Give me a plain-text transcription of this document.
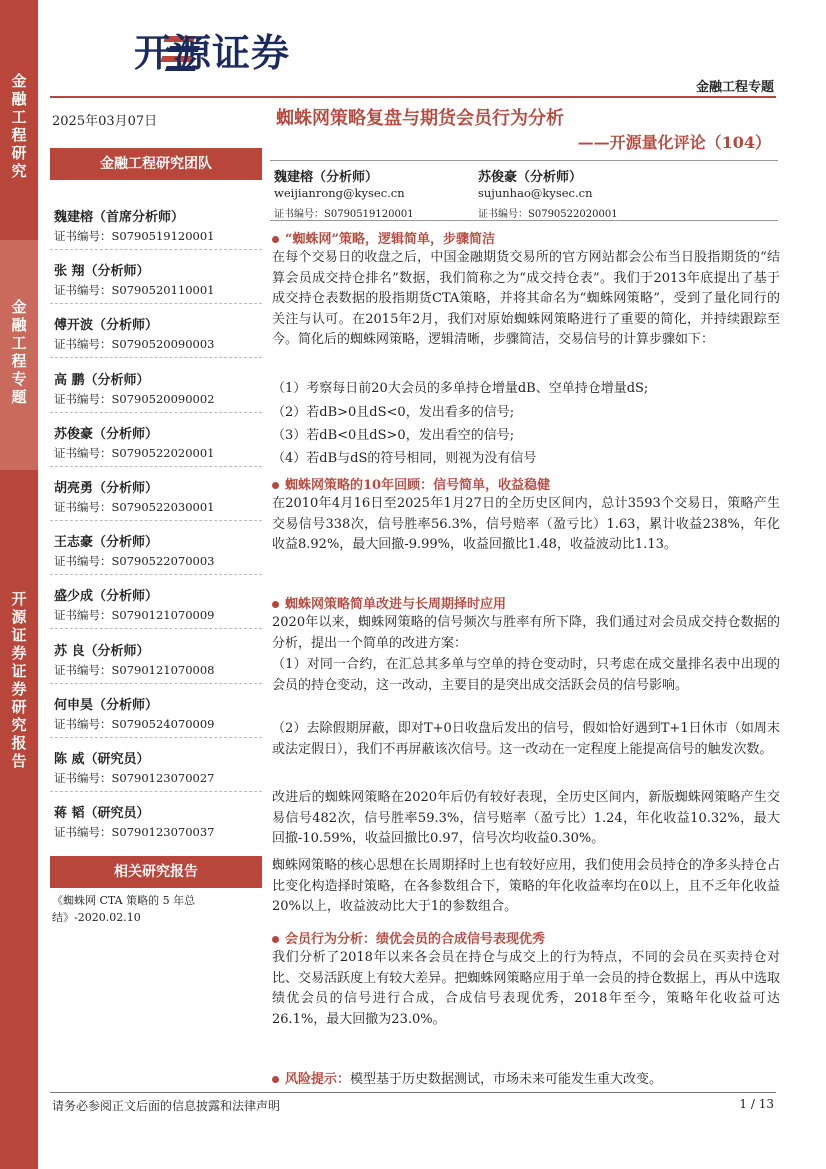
金融工程研究
金融工程专题
开源证券 证券研究报告
开源证券
金融工程专题
2025年03月07日
金融工程研究团队
魏建榕（首席分析师）
证书编号：S0790519120001
张 翔（分析师）
证书编号：S0790520110001
傅开波（分析师）
证书编号：S0790520090003
高 鹏（分析师）
证书编号：S0790520090002
苏俊豪（分析师）
证书编号：S0790522020001
胡亮勇（分析师）
证书编号：S0790522030001
王志豪（分析师）
证书编号：S0790522070003
盛少成（分析师）
证书编号：S0790121070009
苏 良（分析师）
证书编号：S0790121070008
何申昊（分析师）
证书编号：S0790524070009
陈 威（研究员）
证书编号：S0790123070027
蒋 韬（研究员）
证书编号：S0790123070037
相关研究报告
《蜘蛛网 CTA 策略的 5 年总结》-2020.02.10
蜘蛛网策略复盘与期货会员行为分析
——开源量化评论（104）
魏建榕（分析师）
weijianrong@kysec.cn
证书编号：S0790519120001
苏俊豪（分析师）
sujunhao@kysec.cn
证书编号：S0790522020001
“蜘蛛网”策略，逻辑简单，步骤简洁
在每个交易日的收盘之后，中国金融期货交易所的官方网站都会公布当日股指期货的“结算会员成交持仓排名”数据，我们简称之为“成交持仓表”。我们于2013年底提出了基于成交持仓表数据的股指期货CTA策略，并将其命名为“蜘蛛网策略”，受到了量化同行的关注与认可。在2015年2月，我们对原始蜘蛛网策略进行了重要的简化，并持续跟踪至今。简化后的蜘蛛网策略，逻辑清晰，步骤简洁，交易信号的计算步骤如下：
（1）考察每日前20大会员的多单持仓增量dB、空单持仓增量dS;
（2）若dB>0且dS<0，发出看多的信号;
（3）若dB<0且dS>0，发出看空的信号;
（4）若dB与dS的符号相同，则视为没有信号
蜘蛛网策略的10年回顾：信号简单，收益稳健
在2010年4月16日至2025年1月27日的全历史区间内，总计3593个交易日，策略产生交易信号338次，信号胜率56.3%，信号赔率（盈亏比）1.63，累计收益238%，年化收益8.92%，最大回撤-9.99%，收益回撤比1.48，收益波动比1.13。
蜘蛛网策略简单改进与长周期择时应用
2020年以来，蜘蛛网策略的信号频次与胜率有所下降，我们通过对会员成交持仓数据的分析，提出一个简单的改进方案：
（1）对同一合约，在汇总其多单与空单的持仓变动时，只考虑在成交量排名表中出现的会员的持仓变动，这一改动，主要目的是突出成交活跃会员的信号影响。
（2）去除假期屏蔽，即对T+0日收盘后发出的信号，假如恰好遇到T+1日休市（如周末或法定假日），我们不再屏蔽该次信号。这一改动在一定程度上能提高信号的触发次数。
改进后的蜘蛛网策略在2020年后仍有较好表现，全历史区间内，新版蜘蛛网策略产生交易信号482次，信号胜率59.3%，信号赔率（盈亏比）1.24，年化收益10.32%，最大回撤-10.59%，收益回撤比0.97，信号次均收益0.30%。
蜘蛛网策略的核心思想在长周期择时上也有较好应用，我们使用会员持仓的净多头持仓占比变化构造择时策略，在各参数组合下，策略的年化收益率均在0以上，且不乏年化收益20%以上，收益波动比大于1的参数组合。
会员行为分析：绩优会员的合成信号表现优秀
我们分析了2018年以来各会员在持仓与成交上的行为特点，不同的会员在买卖持仓对比、交易活跃度上有较大差异。把蜘蛛网策略应用于单一会员的持仓数据上，再从中选取绩优会员的信号进行合成，合成信号表现优秀，2018年至今，策略年化收益可达26.1%，最大回撤为23.0%。
风险提示：模型基于历史数据测试，市场未来可能发生重大改变。
请务必参阅正文后面的信息披露和法律声明	1 / 13
